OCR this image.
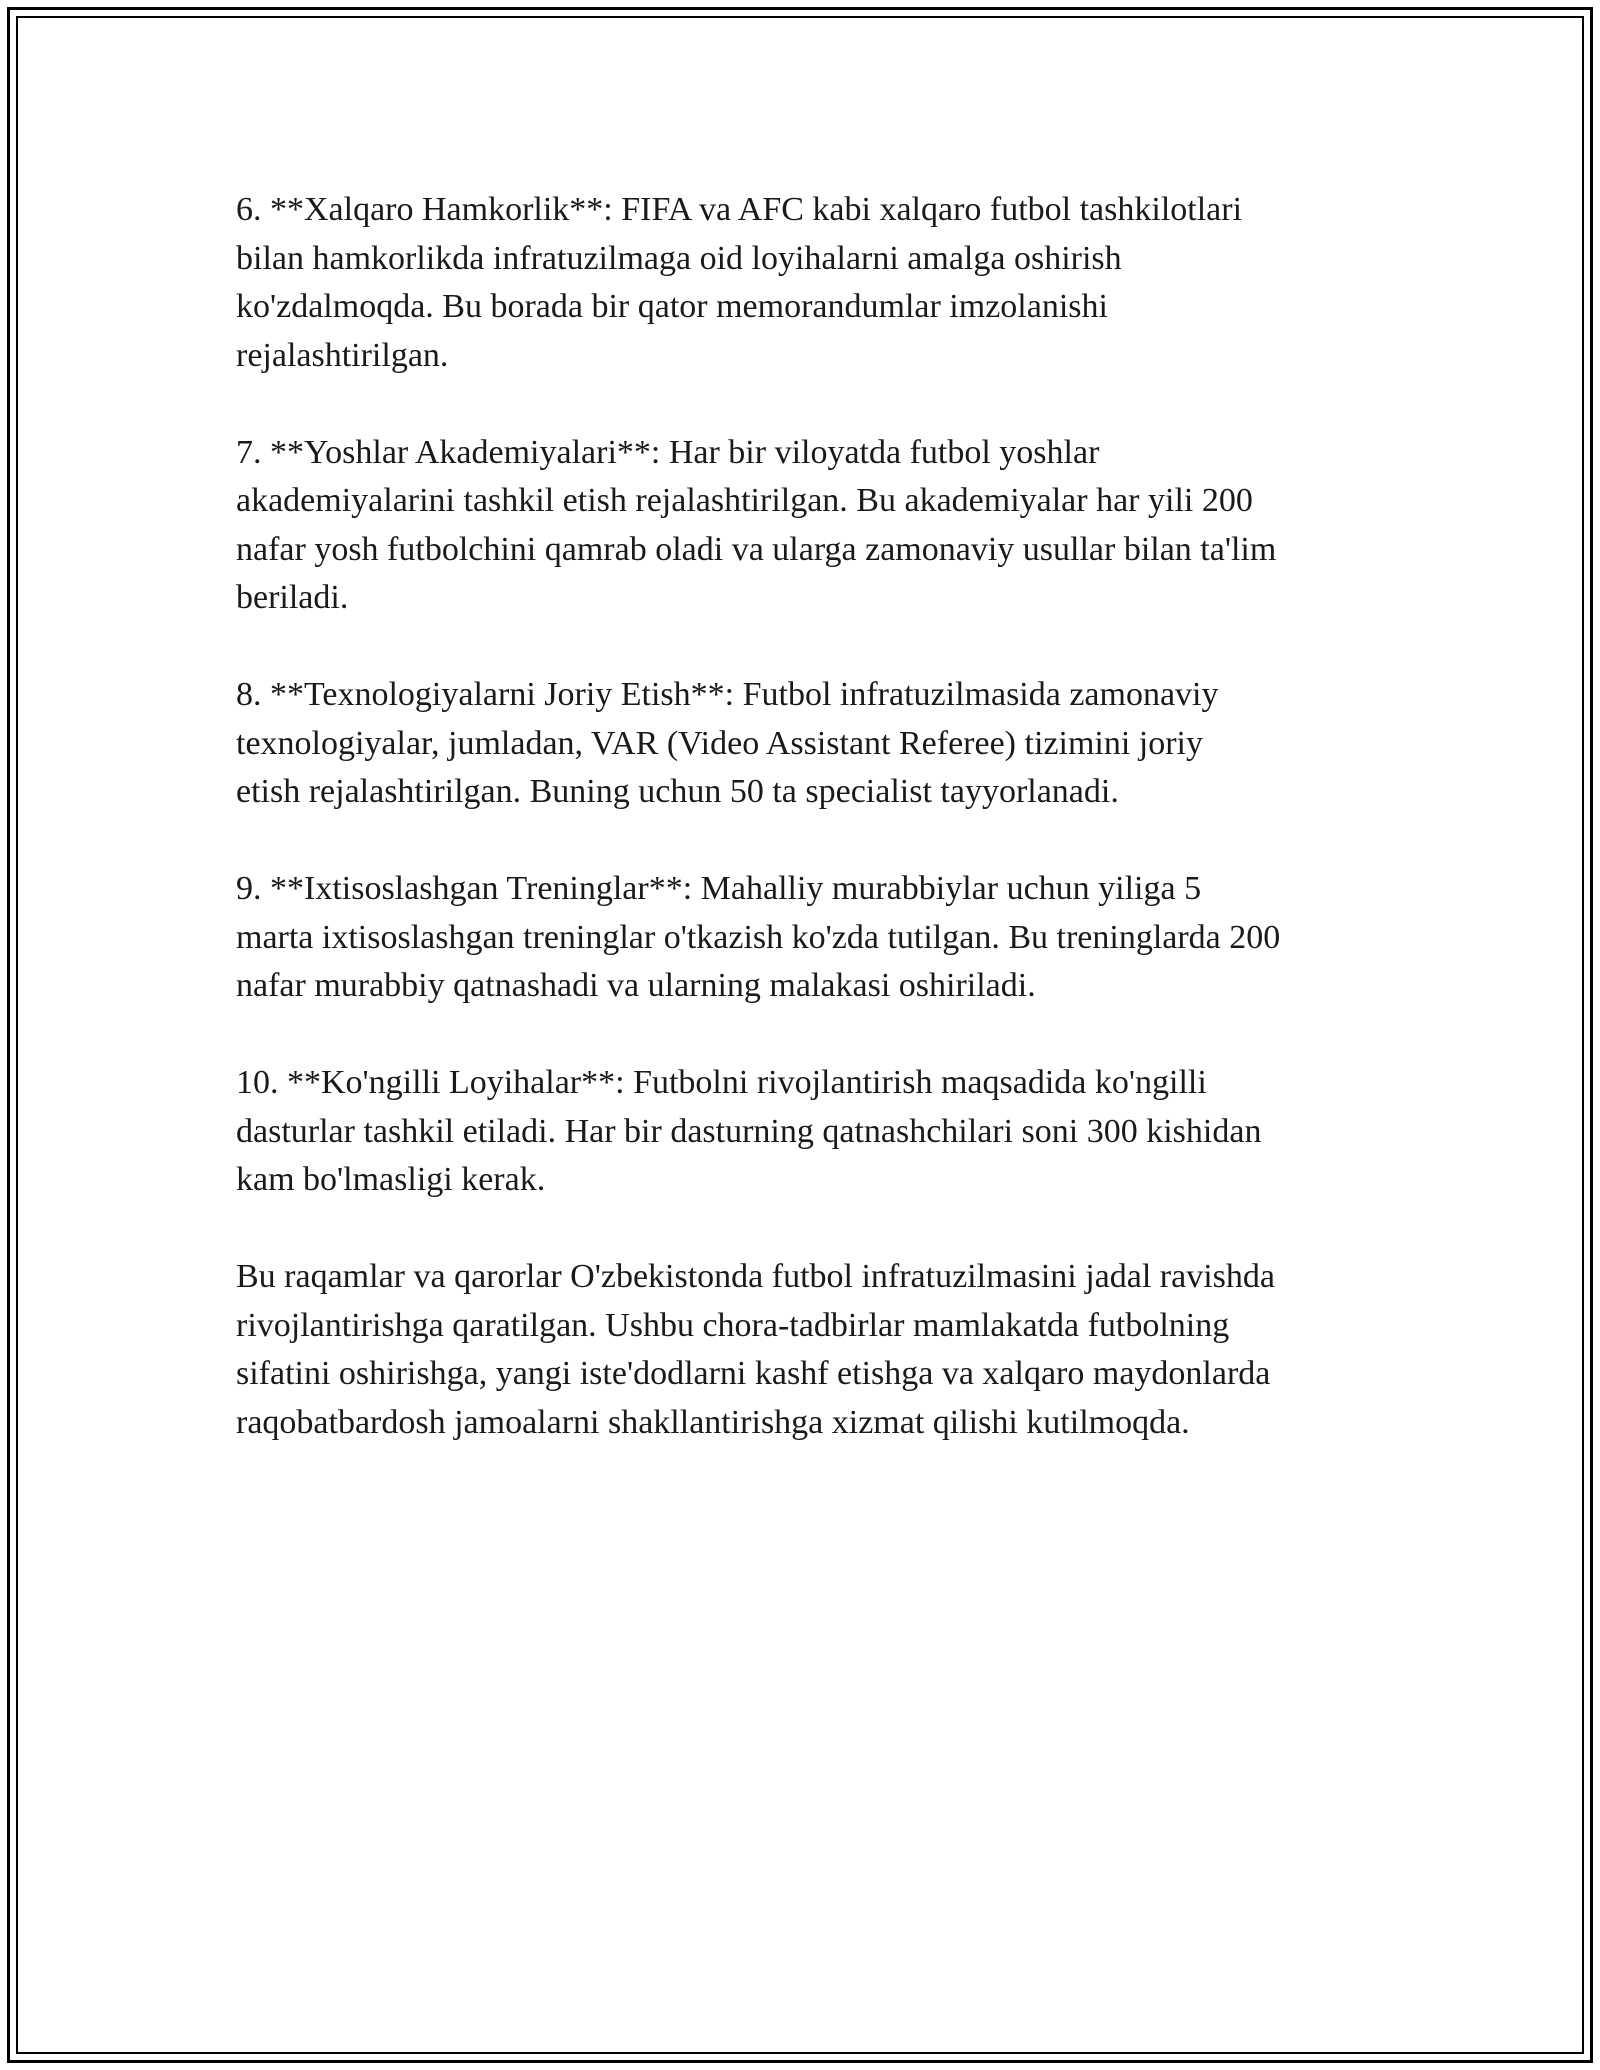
6. **Xalqaro Hamkorlik**: FIFA va AFC kabi xalqaro futbol tashkilotlari
bilan hamkorlikda infratuzilmaga oid loyihalarni amalga oshirish
ko'zdalmoqda. Bu borada bir qator memorandumlar imzolanishi
rejalashtirilgan.

7. **Yoshlar Akademiyalari**: Har bir viloyatda futbol yoshlar
akademiyalarini tashkil etish rejalashtirilgan. Bu akademiyalar har yili 200
nafar yosh futbolchini qamrab oladi va ularga zamonaviy usullar bilan ta'lim
beriladi.

8. **Texnologiyalarni Joriy Etish**: Futbol infratuzilmasida zamonaviy
texnologiyalar, jumladan, VAR (Video Assistant Referee) tizimini joriy
etish rejalashtirilgan. Buning uchun 50 ta specialist tayyorlanadi.

9. **Ixtisoslashgan Treninglar**: Mahalliy murabbiylar uchun yiliga 5
marta ixtisoslashgan treninglar o'tkazish ko'zda tutilgan. Bu treninglarda 200
nafar murabbiy qatnashadi va ularning malakasi oshiriladi.

10. **Ko'ngilli Loyihalar**: Futbolni rivojlantirish maqsadida ko'ngilli
dasturlar tashkil etiladi. Har bir dasturning qatnashchilari soni 300 kishidan
kam bo'lmasligi kerak.

Bu raqamlar va qarorlar O'zbekistonda futbol infratuzilmasini jadal ravishda
rivojlantirishga qaratilgan. Ushbu chora-tadbirlar mamlakatda futbolning
sifatini oshirishga, yangi iste'dodlarni kashf etishga va xalqaro maydonlarda
raqobatbardosh jamoalarni shakllantirishga xizmat qilishi kutilmoqda.
